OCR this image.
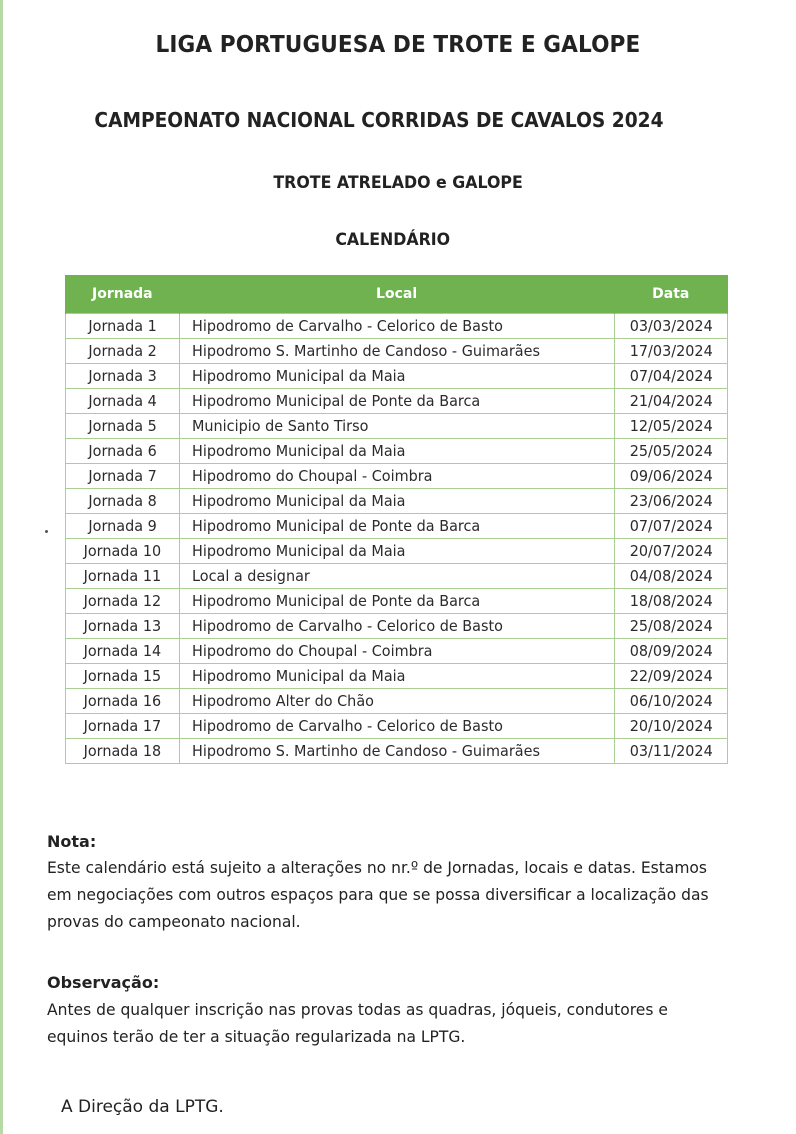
LIGA PORTUGUESA DE TROTE E GALOPE
CAMPEONATO NACIONAL CORRIDAS DE CAVALOS 2024
TROTE ATRELADO e GALOPE
CALENDÁRIO
Jornada	Local	Data
Jornada 1	Hipodromo de Carvalho - Celorico de Basto	03/03/2024
Jornada 2	Hipodromo S. Martinho de Candoso - Guimarães	17/03/2024
Jornada 3	Hipodromo Municipal da Maia	07/04/2024
Jornada 4	Hipodromo Municipal de Ponte da Barca	21/04/2024
Jornada 5	Municipio de Santo Tirso	12/05/2024
Jornada 6	Hipodromo Municipal da Maia	25/05/2024
Jornada 7	Hipodromo do Choupal - Coimbra	09/06/2024
Jornada 8	Hipodromo Municipal da Maia	23/06/2024
Jornada 9	Hipodromo Municipal de Ponte da Barca	07/07/2024
Jornada 10	Hipodromo Municipal da Maia	20/07/2024
Jornada 11	Local a designar	04/08/2024
Jornada 12	Hipodromo Municipal de Ponte da Barca	18/08/2024
Jornada 13	Hipodromo de Carvalho - Celorico de Basto	25/08/2024
Jornada 14	Hipodromo do Choupal - Coimbra	08/09/2024
Jornada 15	Hipodromo Municipal da Maia	22/09/2024
Jornada 16	Hipodromo Alter do Chão	06/10/2024
Jornada 17	Hipodromo de Carvalho - Celorico de Basto	20/10/2024
Jornada 18	Hipodromo S. Martinho de Candoso - Guimarães	03/11/2024
Nota:
Este calendário está sujeito a alterações no nr.º de Jornadas, locais e datas. Estamos
em negociações com outros espaços para que se possa diversificar a localização das
provas do campeonato nacional.
Observação:
Antes de qualquer inscrição nas provas todas as quadras, jóqueis, condutores e
equinos terão de ter a situação regularizada na LPTG.
A Direção da LPTG.
